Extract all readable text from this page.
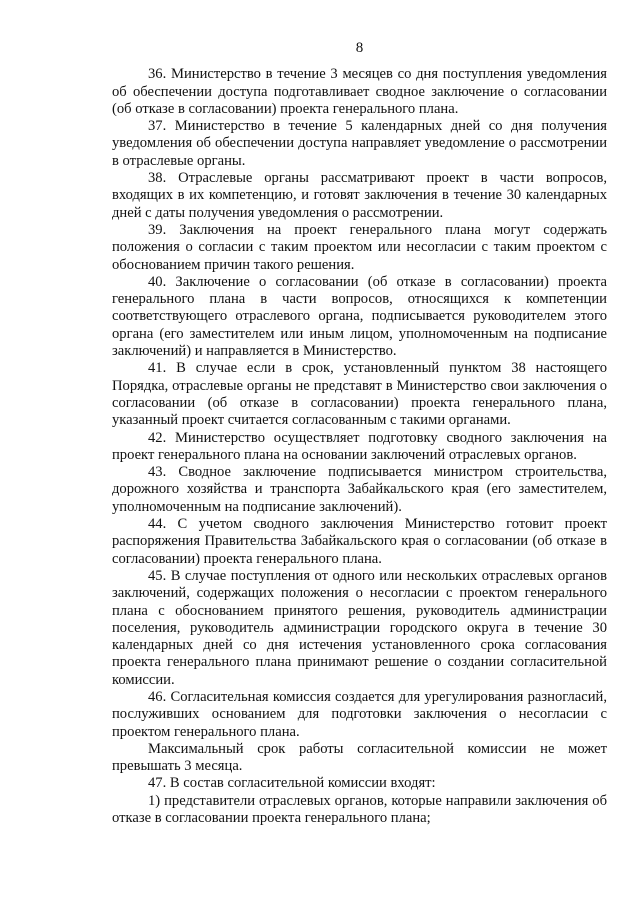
8

36. Министерство в течение 3 месяцев со дня поступления уведомления об обеспечении доступа подготавливает сводное заключение о согласовании (об отказе в согласовании) проекта генерального плана.

37. Министерство в течение 5 календарных дней со дня получения уведомления об обеспечении доступа направляет уведомление о рассмотрении в отраслевые органы.

38. Отраслевые органы рассматривают проект в части вопросов, входящих в их компетенцию, и готовят заключения в течение 30 календарных дней с даты получения уведомления о рассмотрении.

39. Заключения на проект генерального плана могут содержать положения о согласии с таким проектом или несогласии с таким проектом с обоснованием причин такого решения.

40. Заключение о согласовании (об отказе в согласовании) проекта генерального плана в части вопросов, относящихся к компетенции соответствующего отраслевого органа, подписывается руководителем этого органа (его заместителем или иным лицом, уполномоченным на подписание заключений) и направляется в Министерство.

41. В случае если в срок, установленный пунктом 38 настоящего Порядка, отраслевые органы не представят в Министерство свои заключения о согласовании (об отказе в согласовании) проекта генерального плана, указанный проект считается согласованным с такими органами.

42. Министерство осуществляет подготовку сводного заключения на проект генерального плана на основании заключений отраслевых органов.

43. Сводное заключение подписывается министром строительства, дорожного хозяйства и транспорта Забайкальского края (его заместителем, уполномоченным на подписание заключений).

44. С учетом сводного заключения Министерство готовит проект распоряжения Правительства Забайкальского края о согласовании (об отказе в согласовании) проекта генерального плана.

45. В случае поступления от одного или нескольких отраслевых органов заключений, содержащих положения о несогласии с проектом генерального плана с обоснованием принятого решения, руководитель администрации поселения, руководитель администрации городского округа в течение 30 календарных дней со дня истечения установленного срока согласования проекта генерального плана принимают решение о создании согласительной комиссии.

46. Согласительная комиссия создается для урегулирования разногласий, послуживших основанием для подготовки заключения о несогласии с проектом генерального плана.

Максимальный срок работы согласительной комиссии не может превышать 3 месяца.

47. В состав согласительной комиссии входят:

1) представители отраслевых органов, которые направили заключения об отказе в согласовании проекта генерального плана;
